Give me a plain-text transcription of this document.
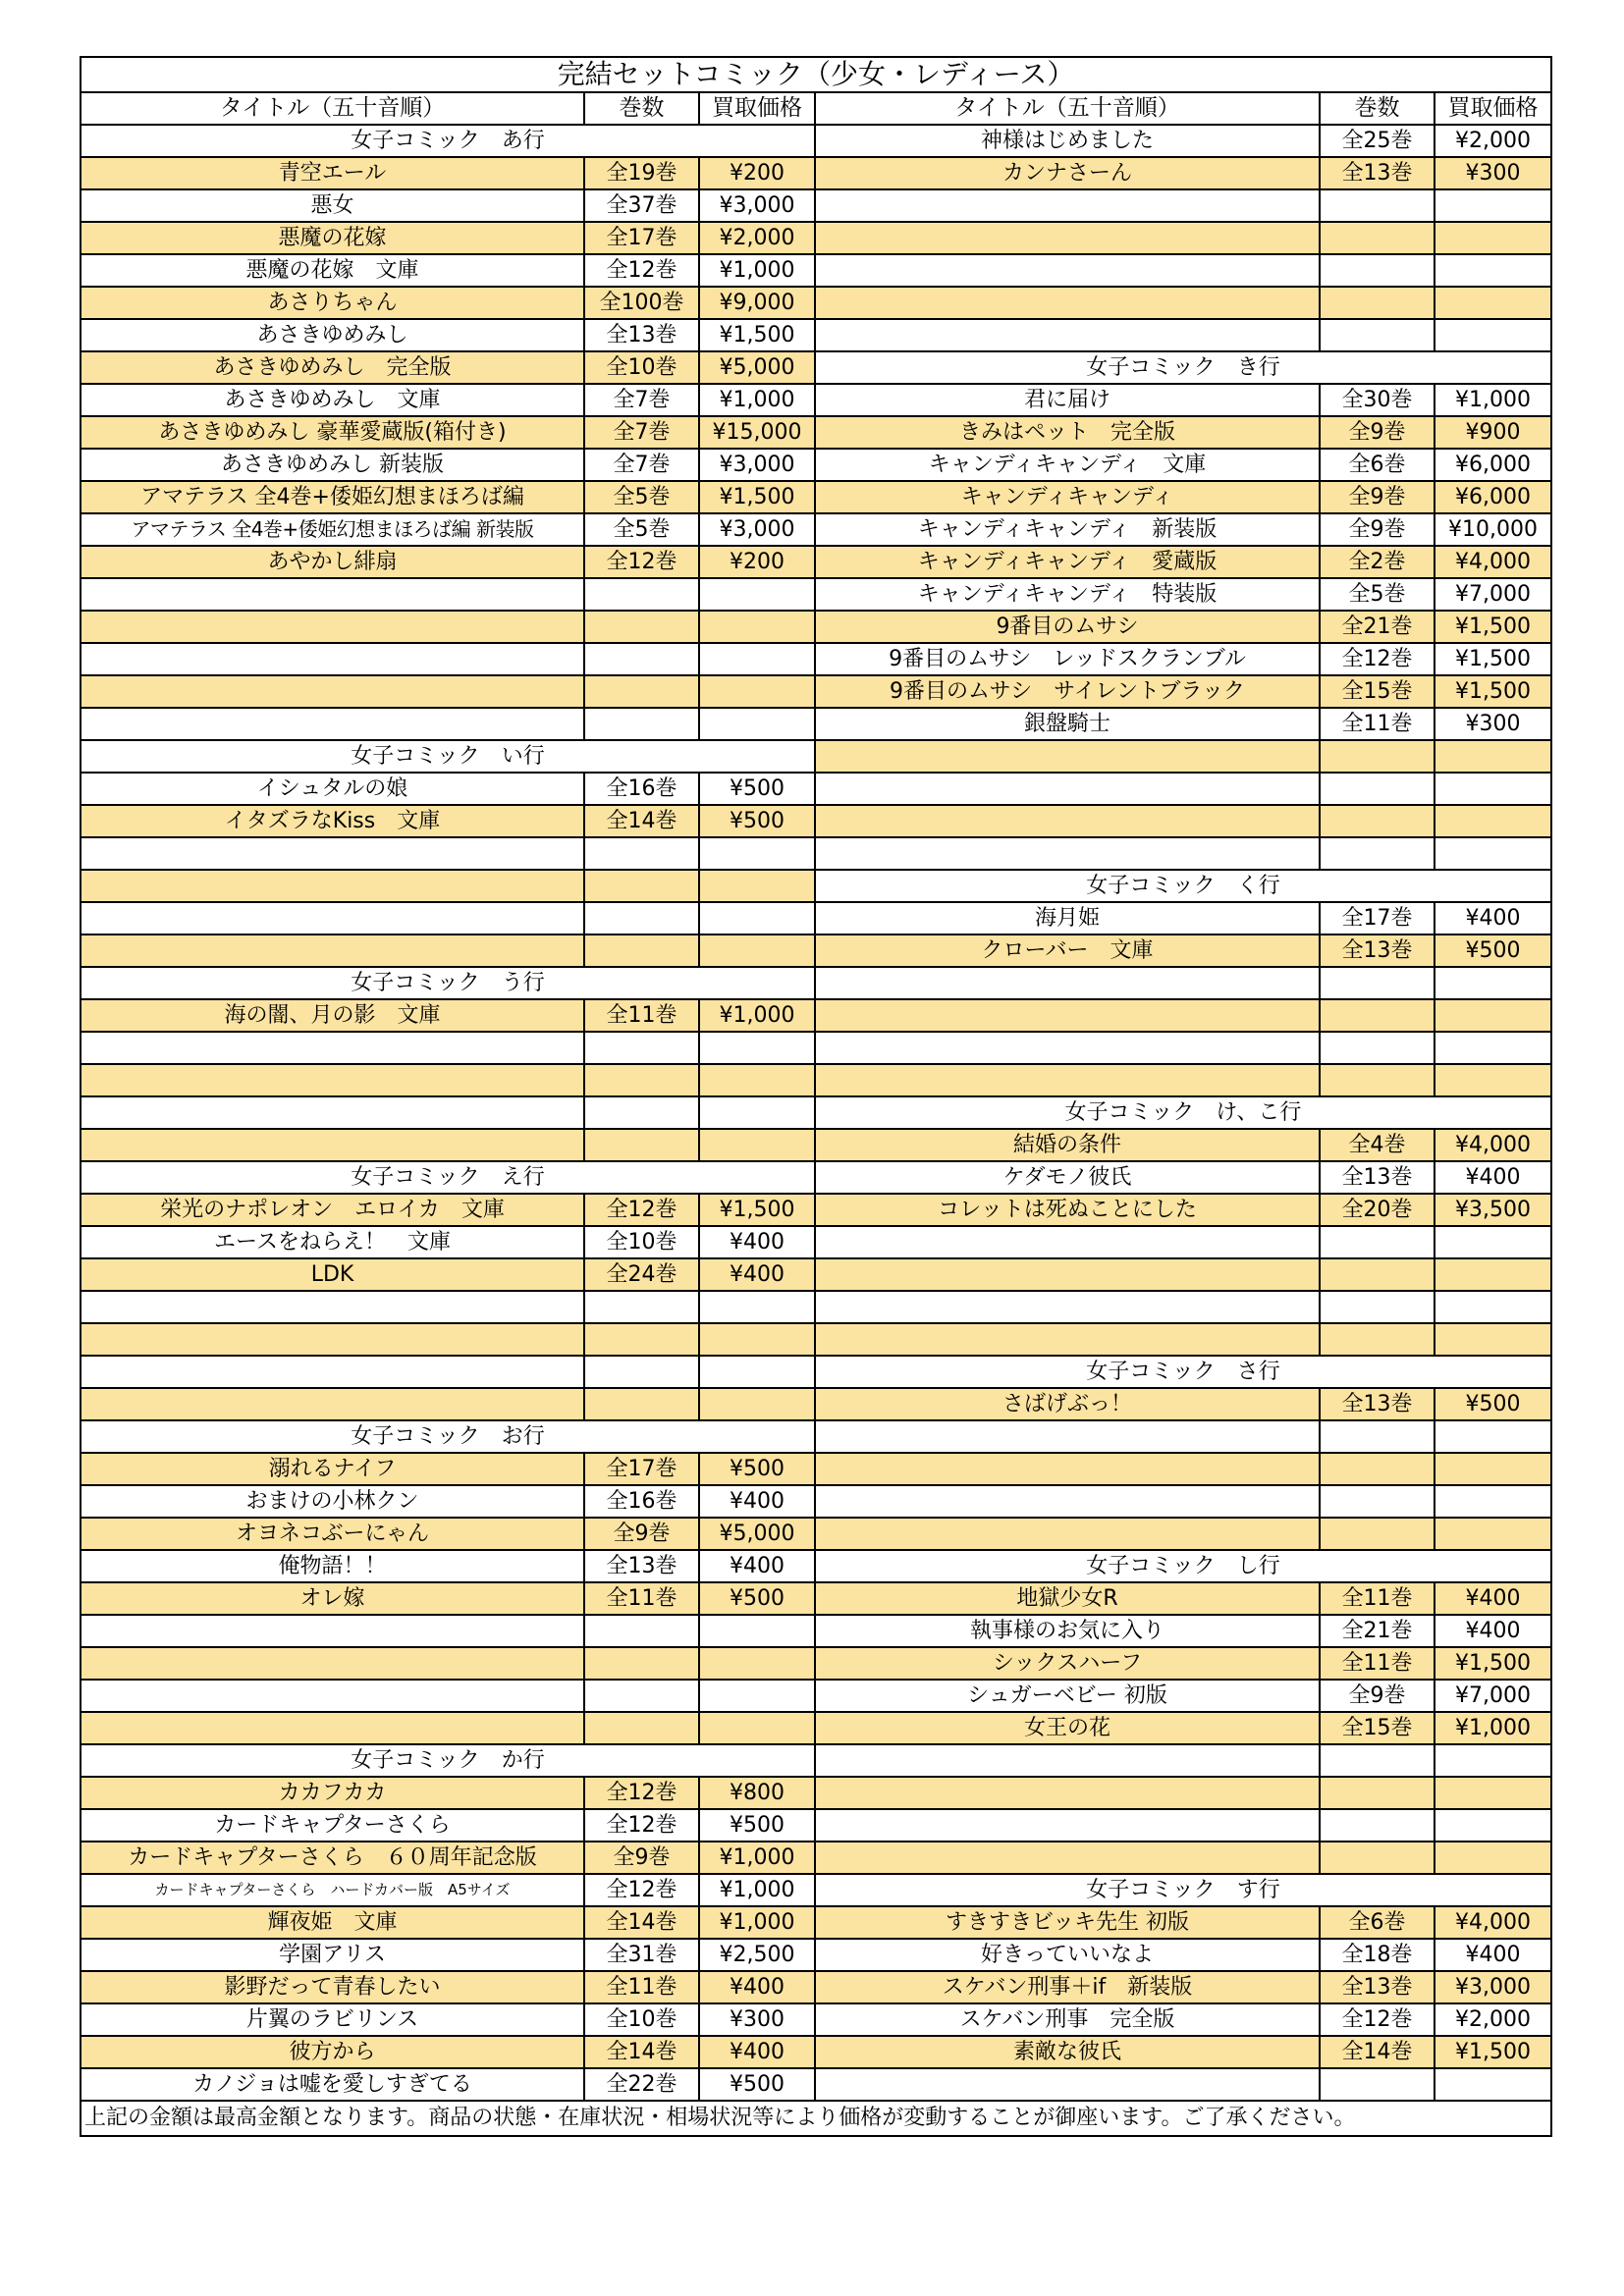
完結セットコミック（少女・レディース）					
タイトル（五十音順）	巻数	買取価格	タイトル（五十音順）	巻数	買取価格
女子コミック　あ行			神様はじめました	全25巻	¥2,000
青空エール	全19巻	¥200	カンナさーん	全13巻	¥300
悪女	全37巻	¥3,000			
悪魔の花嫁	全17巻	¥2,000			
悪魔の花嫁　文庫	全12巻	¥1,000			
あさりちゃん	全100巻	¥9,000			
あさきゆめみし	全13巻	¥1,500			
あさきゆめみし　完全版	全10巻	¥5,000	女子コミック　き行		
あさきゆめみし　文庫	全7巻	¥1,000	君に届け	全30巻	¥1,000
あさきゆめみし 豪華愛蔵版(箱付き)	全7巻	¥15,000	きみはペット　完全版	全9巻	¥900
あさきゆめみし 新装版	全7巻	¥3,000	キャンディキャンディ　文庫	全6巻	¥6,000
アマテラス 全4巻+倭姫幻想まほろば編	全5巻	¥1,500	キャンディキャンディ	全9巻	¥6,000
アマテラス 全4巻+倭姫幻想まほろば編 新装版	全5巻	¥3,000	キャンディキャンディ　新装版	全9巻	¥10,000
あやかし緋扇	全12巻	¥200	キャンディキャンディ　愛蔵版	全2巻	¥4,000
			キャンディキャンディ　特装版	全5巻	¥7,000
			9番目のムサシ	全21巻	¥1,500
			9番目のムサシ　レッドスクランブル	全12巻	¥1,500
			9番目のムサシ　サイレントブラック	全15巻	¥1,500
			銀盤騎士	全11巻	¥300
女子コミック　い行					
イシュタルの娘	全16巻	¥500			
イタズラなKiss　文庫	全14巻	¥500			

			女子コミック　く行		
			海月姫	全17巻	¥400
			クローバー　文庫	全13巻	¥500
女子コミック　う行					
海の闇、月の影　文庫	全11巻	¥1,000			

			女子コミック　け、こ行		
			結婚の条件	全4巻	¥4,000
女子コミック　え行			ケダモノ彼氏	全13巻	¥400
栄光のナポレオン　エロイカ　文庫	全12巻	¥1,500	コレットは死ぬことにした	全20巻	¥3,500
エースをねらえ！　文庫	全10巻	¥400			
LDK	全24巻	¥400			

			女子コミック　さ行		
			さばげぶっ！	全13巻	¥500
女子コミック　お行					
溺れるナイフ	全17巻	¥500			
おまけの小林クン	全16巻	¥400			
オヨネコぶーにゃん	全9巻	¥5,000			
俺物語！！	全13巻	¥400	女子コミック　し行		
オレ嫁	全11巻	¥500	地獄少女R	全11巻	¥400
			執事様のお気に入り	全21巻	¥400
			シックスハーフ	全11巻	¥1,500
			シュガーベビー 初版	全9巻	¥7,000
			女王の花	全15巻	¥1,000
女子コミック　か行					
カカフカカ	全12巻	¥800			
カードキャプターさくら	全12巻	¥500			
カードキャプターさくら　６０周年記念版	全9巻	¥1,000			
カードキャプターさくら　ハードカバー版　A5サイズ	全12巻	¥1,000	女子コミック　す行		
輝夜姫　文庫	全14巻	¥1,000	すきすきビッキ先生 初版	全6巻	¥4,000
学園アリス	全31巻	¥2,500	好きっていいなよ	全18巻	¥400
影野だって青春したい	全11巻	¥400	スケバン刑事＋if　新装版	全13巻	¥3,000
片翼のラビリンス	全10巻	¥300	スケバン刑事　完全版	全12巻	¥2,000
彼方から	全14巻	¥400	素敵な彼氏	全14巻	¥1,500
カノジョは嘘を愛しすぎてる	全22巻	¥500			
上記の金額は最高金額となります。商品の状態・在庫状況・相場状況等により価格が変動することが御座います。ご了承ください。					
